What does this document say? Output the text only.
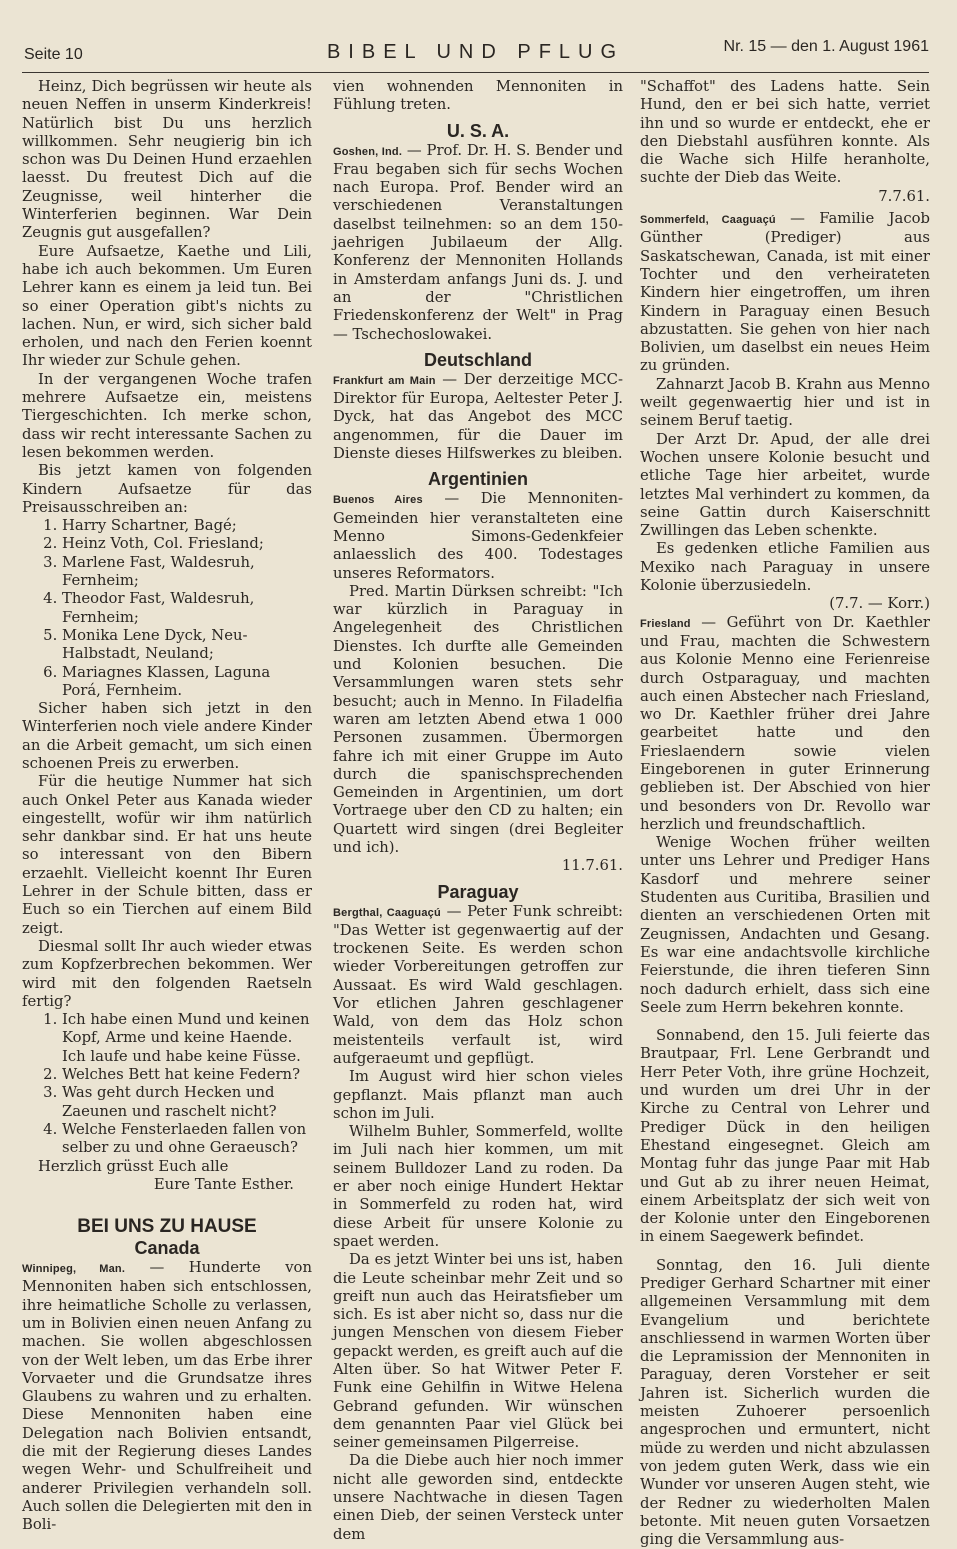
Seite 10	BIBEL UND PFLUG	Nr. 15 — den 1. August 1961

Heinz, Dich begrüssen wir heute als neuen Neffen in unserm Kinderkreis! Natürlich bist Du uns herzlich willkommen. Sehr neugierig bin ich schon was Du Deinen Hund erzaehlen laesst. Du freutest Dich auf die Zeugnisse, weil hinterher die Winterferien beginnen. War Dein Zeugnis gut ausgefallen?

Eure Aufsaetze, Kaethe und Lili, habe ich auch bekommen. Um Euren Lehrer kann es einem ja leid tun. Bei so einer Operation gibt's nichts zu lachen. Nun, er wird, sich sicher bald erholen, und nach den Ferien koennt Ihr wieder zur Schule gehen.

In der vergangenen Woche trafen mehrere Aufsaetze ein, meistens Tiergeschichten. Ich merke schon, dass wir recht interessante Sachen zu lesen bekommen werden.

Bis jetzt kamen von folgenden Kindern Aufsaetze für das Preisausschreiben an:

1. Harry Schartner, Bagé;
2. Heinz Voth, Col. Friesland;
3. Marlene Fast, Waldesruh, Fernheim;
4. Theodor Fast, Waldesruh, Fernheim;
5. Monika Lene Dyck, Neu-Halbstadt, Neuland;
6. Mariagnes Klassen, Laguna Porá, Fernheim.

Sicher haben sich jetzt in den Winterferien noch viele andere Kinder an die Arbeit gemacht, um sich einen schoenen Preis zu erwerben.

Für die heutige Nummer hat sich auch Onkel Peter aus Kanada wieder eingestellt, wofür wir ihm natürlich sehr dankbar sind. Er hat uns heute so interessant von den Bibern erzaehlt. Vielleicht koennt Ihr Euren Lehrer in der Schule bitten, dass er Euch so ein Tierchen auf einem Bild zeigt.

Diesmal sollt Ihr auch wieder etwas zum Kopfzerbrechen bekommen. Wer wird mit den folgenden Raetseln fertig?

1. Ich habe einen Mund und keinen Kopf, Arme und keine Haende. Ich laufe und habe keine Füsse.
2. Welches Bett hat keine Federn?
3. Was geht durch Hecken und Zaeunen und raschelt nicht?
4. Welche Fensterlaeden fallen von selber zu und ohne Geraeusch?

Herzlich grüsst Euch alle

Eure Tante Esther.

BEI UNS ZU HAUSE
Canada

Winnipeg, Man. — Hunderte von Mennoniten haben sich entschlossen, ihre heimatliche Scholle zu verlassen, um in Bolivien einen neuen Anfang zu machen. Sie wollen abgeschlossen von der Welt leben, um das Erbe ihrer Vorvaeter und die Grundsatze ihres Glaubens zu wahren und zu erhalten. Diese Mennoniten haben eine Delegation nach Bolivien entsandt, die mit der Regierung dieses Landes wegen Wehr- und Schulfreiheit und anderer Privilegien verhandeln soll. Auch sollen die Delegierten mit den in Boli-

vien wohnenden Mennoniten in Fühlung treten.

U. S. A.

Goshen, Ind. — Prof. Dr. H. S. Bender und Frau begaben sich für sechs Wochen nach Europa. Prof. Bender wird an verschiedenen Veranstaltungen daselbst teilnehmen: so an dem 150-jaehrigen Jubilaeum der Allg. Konferenz der Mennoniten Hollands in Amsterdam anfangs Juni ds. J. und an der "Christlichen Friedenskonferenz der Welt" in Prag — Tschechoslowakei.

Deutschland

Frankfurt am Main — Der derzeitige MCC-Direktor für Europa, Aeltester Peter J. Dyck, hat das Angebot des MCC angenommen, für die Dauer im Dienste dieses Hilfswerkes zu bleiben.

Argentinien

Buenos Aires — Die Mennoniten-Gemeinden hier veranstalteten eine Menno Simons-Gedenkfeier anlaesslich des 400. Todestages unseres Reformators.

Pred. Martin Dürksen schreibt: "Ich war kürzlich in Paraguay in Angelegenheit des Christlichen Dienstes. Ich durfte alle Gemeinden und Kolonien besuchen. Die Versammlungen waren stets sehr besucht; auch in Menno. In Filadelfia waren am letzten Abend etwa 1 000 Personen zusammen. Übermorgen fahre ich mit einer Gruppe im Auto durch die spanischsprechenden Gemeinden in Argentinien, um dort Vortraege uber den CD zu halten; ein Quartett wird singen (drei Begleiter und ich).

11.7.61.

Paraguay

Bergthal, Caaguaçú — Peter Funk schreibt: "Das Wetter ist gegenwaertig auf der trockenen Seite. Es werden schon wieder Vorbereitungen getroffen zur Aussaat. Es wird Wald geschlagen. Vor etlichen Jahren geschlagener Wald, von dem das Holz schon meistenteils verfault ist, wird aufgeraeumt und gepflügt.

Im August wird hier schon vieles gepflanzt. Mais pflanzt man auch schon im Juli.

Wilhelm Buhler, Sommerfeld, wollte im Juli nach hier kommen, um mit seinem Bulldozer Land zu roden. Da er aber noch einige Hundert Hektar in Sommerfeld zu roden hat, wird diese Arbeit für unsere Kolonie zu spaet werden.

Da es jetzt Winter bei uns ist, haben die Leute scheinbar mehr Zeit und so greift nun auch das Heiratsfieber um sich. Es ist aber nicht so, dass nur die jungen Menschen von diesem Fieber gepackt werden, es greift auch auf die Alten über. So hat Witwer Peter F. Funk eine Gehilfin in Witwe Helena Gebrand gefunden. Wir wünschen dem genannten Paar viel Glück bei seiner gemeinsamen Pilgerreise.

Da die Diebe auch hier noch immer nicht alle geworden sind, entdeckte unsere Nachtwache in diesen Tagen einen Dieb, der seinen Versteck unter dem

"Schaffot" des Ladens hatte. Sein Hund, den er bei sich hatte, verriet ihn und so wurde er entdeckt, ehe er den Diebstahl ausführen konnte. Als die Wache sich Hilfe heranholte, suchte der Dieb das Weite.

7.7.61.

Sommerfeld, Caaguaçú — Familie Jacob Günther (Prediger) aus Saskatschewan, Canada, ist mit einer Tochter und den verheirateten Kindern hier eingetroffen, um ihren Kindern in Paraguay einen Besuch abzustatten. Sie gehen von hier nach Bolivien, um daselbst ein neues Heim zu gründen.

Zahnarzt Jacob B. Krahn aus Menno weilt gegenwaertig hier und ist in seinem Beruf taetig.

Der Arzt Dr. Apud, der alle drei Wochen unsere Kolonie besucht und etliche Tage hier arbeitet, wurde letztes Mal verhindert zu kommen, da seine Gattin durch Kaiserschnitt Zwillingen das Leben schenkte.

Es gedenken etliche Familien aus Mexiko nach Paraguay in unsere Kolonie überzusiedeln.

(7.7. — Korr.)

Friesland — Geführt von Dr. Kaethler und Frau, machten die Schwestern aus Kolonie Menno eine Ferienreise durch Ostparaguay, und machten auch einen Abstecher nach Friesland, wo Dr. Kaethler früher drei Jahre gearbeitet hatte und den Frieslaendern sowie vielen Eingeborenen in guter Erinnerung geblieben ist. Der Abschied von hier und besonders von Dr. Revollo war herzlich und freundschaftlich.

Wenige Wochen früher weilten unter uns Lehrer und Prediger Hans Kasdorf und mehrere seiner Studenten aus Curitiba, Brasilien und dienten an verschiedenen Orten mit Zeugnissen, Andachten und Gesang. Es war eine andachtsvolle kirchliche Feierstunde, die ihren tieferen Sinn noch dadurch erhielt, dass sich eine Seele zum Herrn bekehren konnte.

Sonnabend, den 15. Juli feierte das Brautpaar, Frl. Lene Gerbrandt und Herr Peter Voth, ihre grüne Hochzeit, und wurden um drei Uhr in der Kirche zu Central von Lehrer und Prediger Dück in den heiligen Ehestand eingesegnet. Gleich am Montag fuhr das junge Paar mit Hab und Gut ab zu ihrer neuen Heimat, einem Arbeitsplatz der sich weit von der Kolonie unter den Eingeborenen in einem Saegewerk befindet.

Sonntag, den 16. Juli diente Prediger Gerhard Schartner mit einer allgemeinen Versammlung mit dem Evangelium und berichtete anschliessend in warmen Worten über die Lepramission der Mennoniten in Paraguay, deren Vorsteher er seit Jahren ist. Sicherlich wurden die meisten Zuhoerer persoenlich angesprochen und ermuntert, nicht müde zu werden und nicht abzulassen von jedem guten Werk, dass wie ein Wunder vor unseren Augen steht, wie der Redner zu wiederholten Malen betonte. Mit neuen guten Vorsaetzen ging die Versammlung aus-
